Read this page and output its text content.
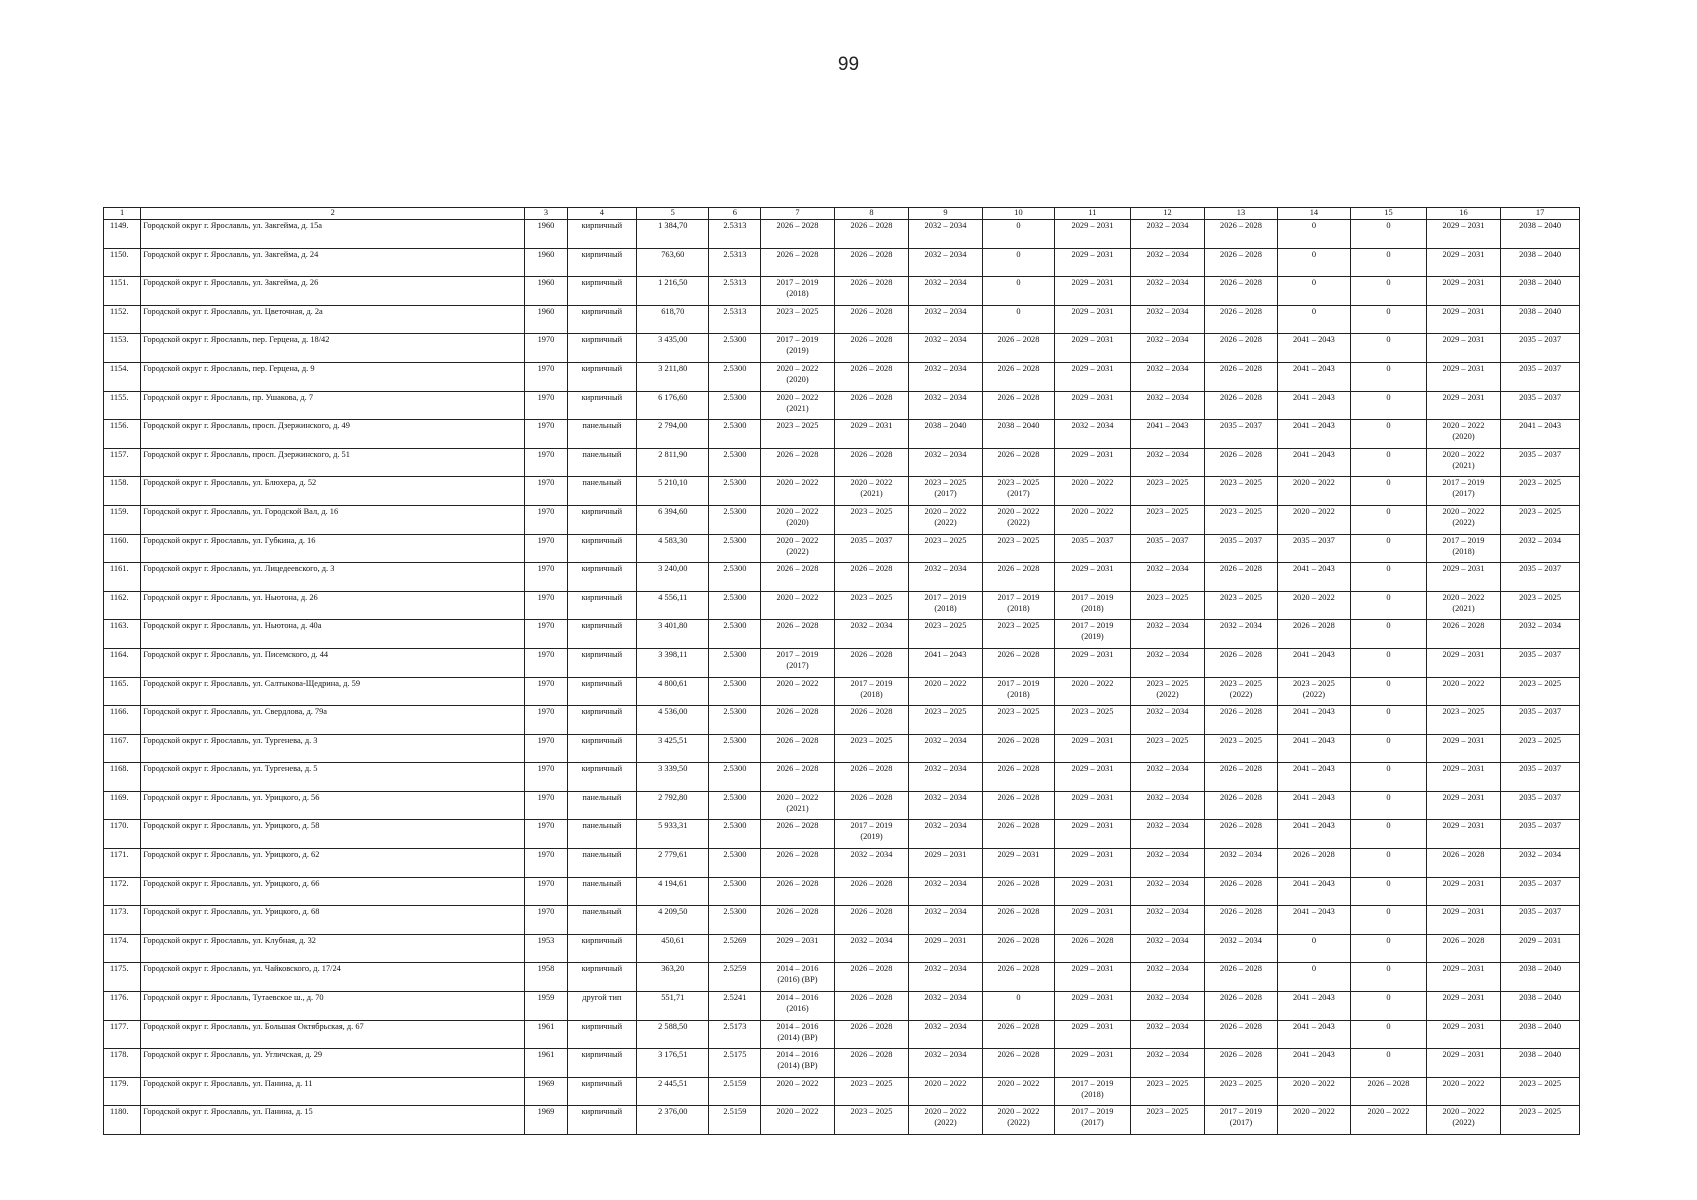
99
1	2	3	4	5	6	7	8	9	10	11	12	13	14	15	16	17
1149.	Городской округ г. Ярославль, ул. Закгейма, д. 15а	1960	кирпичный	1 384,70	2.5313	2026 – 2028	2026 – 2028	2032 – 2034	0	2029 – 2031	2032 – 2034	2026 – 2028	0	0	2029 – 2031	2038 – 2040

1150.	Городской округ г. Ярославль, ул. Закгейма, д. 24	1960	кирпичный	763,60	2.5313	2026 – 2028	2026 – 2028	2032 – 2034	0	2029 – 2031	2032 – 2034	2026 – 2028	0	0	2029 – 2031	2038 – 2040

1151.	Городской округ г. Ярославль, ул. Закгейма, д. 26	1960	кирпичный	1 216,50	2.5313	2017 – 2019
(2018)	2026 – 2028	2032 – 2034	0	2029 – 2031	2032 – 2034	2026 – 2028	0	0	2029 – 2031	2038 – 2040

1152.	Городской округ г. Ярославль, ул. Цветочная, д. 2а	1960	кирпичный	618,70	2.5313	2023 – 2025	2026 – 2028	2032 – 2034	0	2029 – 2031	2032 – 2034	2026 – 2028	0	0	2029 – 2031	2038 – 2040

1153.	Городской округ г. Ярославль, пер. Герцена, д. 18/42	1970	кирпичный	3 435,00	2.5300	2017 – 2019
(2019)	2026 – 2028	2032 – 2034	2026 – 2028	2029 – 2031	2032 – 2034	2026 – 2028	2041 – 2043	0	2029 – 2031	2035 – 2037

1154.	Городской округ г. Ярославль, пер. Герцена, д. 9	1970	кирпичный	3 211,80	2.5300	2020 – 2022
(2020)	2026 – 2028	2032 – 2034	2026 – 2028	2029 – 2031	2032 – 2034	2026 – 2028	2041 – 2043	0	2029 – 2031	2035 – 2037

1155.	Городской округ г. Ярославль, пр. Ушакова, д. 7	1970	кирпичный	6 176,60	2.5300	2020 – 2022
(2021)	2026 – 2028	2032 – 2034	2026 – 2028	2029 – 2031	2032 – 2034	2026 – 2028	2041 – 2043	0	2029 – 2031	2035 – 2037

1156.	Городской округ г. Ярославль, просп. Дзержинского, д. 49	1970	панельный	2 794,00	2.5300	2023 – 2025	2029 – 2031	2038 – 2040	2038 – 2040	2032 – 2034	2041 – 2043	2035 – 2037	2041 – 2043	0	2020 – 2022
(2020)	2041 – 2043

1157.	Городской округ г. Ярославль, просп. Дзержинского, д. 51	1970	панельный	2 811,90	2.5300	2026 – 2028	2026 – 2028	2032 – 2034	2026 – 2028	2029 – 2031	2032 – 2034	2026 – 2028	2041 – 2043	0	2020 – 2022
(2021)	2035 – 2037

1158.	Городской округ г. Ярославль, ул. Блюхера, д. 52	1970	панельный	5 210,10	2.5300	2020 – 2022	2020 – 2022
(2021)	2023 – 2025
(2017)	2023 – 2025
(2017)	2020 – 2022	2023 – 2025	2023 – 2025	2020 – 2022	0	2017 – 2019
(2017)	2023 – 2025

1159.	Городской округ г. Ярославль, ул. Городской Вал, д. 16	1970	кирпичный	6 394,60	2.5300	2020 – 2022
(2020)	2023 – 2025	2020 – 2022
(2022)	2020 – 2022
(2022)	2020 – 2022	2023 – 2025	2023 – 2025	2020 – 2022	0	2020 – 2022
(2022)	2023 – 2025

1160.	Городской округ г. Ярославль, ул. Губкина, д. 16	1970	кирпичный	4 583,30	2.5300	2020 – 2022
(2022)	2035 – 2037	2023 – 2025	2023 – 2025	2035 – 2037	2035 – 2037	2035 – 2037	2035 – 2037	0	2017 – 2019
(2018)	2032 – 2034

1161.	Городской округ г. Ярославль, ул. Лицедеевского, д. 3	1970	кирпичный	3 240,00	2.5300	2026 – 2028	2026 – 2028	2032 – 2034	2026 – 2028	2029 – 2031	2032 – 2034	2026 – 2028	2041 – 2043	0	2029 – 2031	2035 – 2037

1162.	Городской округ г. Ярославль, ул. Ньютона, д. 26	1970	кирпичный	4 556,11	2.5300	2020 – 2022	2023 – 2025	2017 – 2019
(2018)	2017 – 2019
(2018)	2017 – 2019
(2018)	2023 – 2025	2023 – 2025	2020 – 2022	0	2020 – 2022
(2021)	2023 – 2025

1163.	Городской округ г. Ярославль, ул. Ньютона, д. 40а	1970	кирпичный	3 401,80	2.5300	2026 – 2028	2032 – 2034	2023 – 2025	2023 – 2025	2017 – 2019
(2019)	2032 – 2034	2032 – 2034	2026 – 2028	0	2026 – 2028	2032 – 2034

1164.	Городской округ г. Ярославль, ул. Писемского, д. 44	1970	кирпичный	3 398,11	2.5300	2017 – 2019
(2017)	2026 – 2028	2041 – 2043	2026 – 2028	2029 – 2031	2032 – 2034	2026 – 2028	2041 – 2043	0	2029 – 2031	2035 – 2037

1165.	Городской округ г. Ярославль, ул. Салтыкова-Щедрина, д. 59	1970	кирпичный	4 800,61	2.5300	2020 – 2022	2017 – 2019
(2018)	2020 – 2022	2017 – 2019
(2018)	2020 – 2022	2023 – 2025
(2022)	2023 – 2025
(2022)	2023 – 2025
(2022)	0	2020 – 2022	2023 – 2025

1166.	Городской округ г. Ярославль, ул. Свердлова, д. 79а	1970	кирпичный	4 536,00	2.5300	2026 – 2028	2026 – 2028	2023 – 2025	2023 – 2025	2023 – 2025	2032 – 2034	2026 – 2028	2041 – 2043	0	2023 – 2025	2035 – 2037

1167.	Городской округ г. Ярославль, ул. Тургенева, д. 3	1970	кирпичный	3 425,51	2.5300	2026 – 2028	2023 – 2025	2032 – 2034	2026 – 2028	2029 – 2031	2023 – 2025	2023 – 2025	2041 – 2043	0	2029 – 2031	2023 – 2025

1168.	Городской округ г. Ярославль, ул. Тургенева, д. 5	1970	кирпичный	3 339,50	2.5300	2026 – 2028	2026 – 2028	2032 – 2034	2026 – 2028	2029 – 2031	2032 – 2034	2026 – 2028	2041 – 2043	0	2029 – 2031	2035 – 2037

1169.	Городской округ г. Ярославль, ул. Урицкого, д. 56	1970	панельный	2 792,80	2.5300	2020 – 2022
(2021)	2026 – 2028	2032 – 2034	2026 – 2028	2029 – 2031	2032 – 2034	2026 – 2028	2041 – 2043	0	2029 – 2031	2035 – 2037

1170.	Городской округ г. Ярославль, ул. Урицкого, д. 58	1970	панельный	5 933,31	2.5300	2026 – 2028	2017 – 2019
(2019)	2032 – 2034	2026 – 2028	2029 – 2031	2032 – 2034	2026 – 2028	2041 – 2043	0	2029 – 2031	2035 – 2037

1171.	Городской округ г. Ярославль, ул. Урицкого, д. 62	1970	панельный	2 779,61	2.5300	2026 – 2028	2032 – 2034	2029 – 2031	2029 – 2031	2029 – 2031	2032 – 2034	2032 – 2034	2026 – 2028	0	2026 – 2028	2032 – 2034

1172.	Городской округ г. Ярославль, ул. Урицкого, д. 66	1970	панельный	4 194,61	2.5300	2026 – 2028	2026 – 2028	2032 – 2034	2026 – 2028	2029 – 2031	2032 – 2034	2026 – 2028	2041 – 2043	0	2029 – 2031	2035 – 2037

1173.	Городской округ г. Ярославль, ул. Урицкого, д. 68	1970	панельный	4 209,50	2.5300	2026 – 2028	2026 – 2028	2032 – 2034	2026 – 2028	2029 – 2031	2032 – 2034	2026 – 2028	2041 – 2043	0	2029 – 2031	2035 – 2037

1174.	Городской округ г. Ярославль, ул. Клубная, д. 32	1953	кирпичный	450,61	2.5269	2029 – 2031	2032 – 2034	2029 – 2031	2026 – 2028	2026 – 2028	2032 – 2034	2032 – 2034	0	0	2026 – 2028	2029 – 2031

1175.	Городской округ г. Ярославль, ул. Чайковского, д. 17/24	1958	кирпичный	363,20	2.5259	2014 – 2016
(2016) (ВР)	2026 – 2028	2032 – 2034	2026 – 2028	2029 – 2031	2032 – 2034	2026 – 2028	0	0	2029 – 2031	2038 – 2040

1176.	Городской округ г. Ярославль, Тутаевское ш., д. 70	1959	другой тип	551,71	2.5241	2014 – 2016
(2016)	2026 – 2028	2032 – 2034	0	2029 – 2031	2032 – 2034	2026 – 2028	2041 – 2043	0	2029 – 2031	2038 – 2040

1177.	Городской округ г. Ярославль, ул. Большая Октябрьская, д. 67	1961	кирпичный	2 588,50	2.5173	2014 – 2016
(2014) (ВР)	2026 – 2028	2032 – 2034	2026 – 2028	2029 – 2031	2032 – 2034	2026 – 2028	2041 – 2043	0	2029 – 2031	2038 – 2040

1178.	Городской округ г. Ярославль, ул. Угличская, д. 29	1961	кирпичный	3 176,51	2.5175	2014 – 2016
(2014) (ВР)	2026 – 2028	2032 – 2034	2026 – 2028	2029 – 2031	2032 – 2034	2026 – 2028	2041 – 2043	0	2029 – 2031	2038 – 2040

1179.	Городской округ г. Ярославль, ул. Панина, д. 11	1969	кирпичный	2 445,51	2.5159	2020 – 2022	2023 – 2025	2020 – 2022	2020 – 2022	2017 – 2019
(2018)	2023 – 2025	2023 – 2025	2020 – 2022	2026 – 2028	2020 – 2022	2023 – 2025

1180.	Городской округ г. Ярославль, ул. Панина, д. 15	1969	кирпичный	2 376,00	2.5159	2020 – 2022	2023 – 2025	2020 – 2022
(2022)	2020 – 2022
(2022)	2017 – 2019
(2017)	2023 – 2025	2017 – 2019
(2017)	2020 – 2022	2020 – 2022	2020 – 2022
(2022)	2023 – 2025
